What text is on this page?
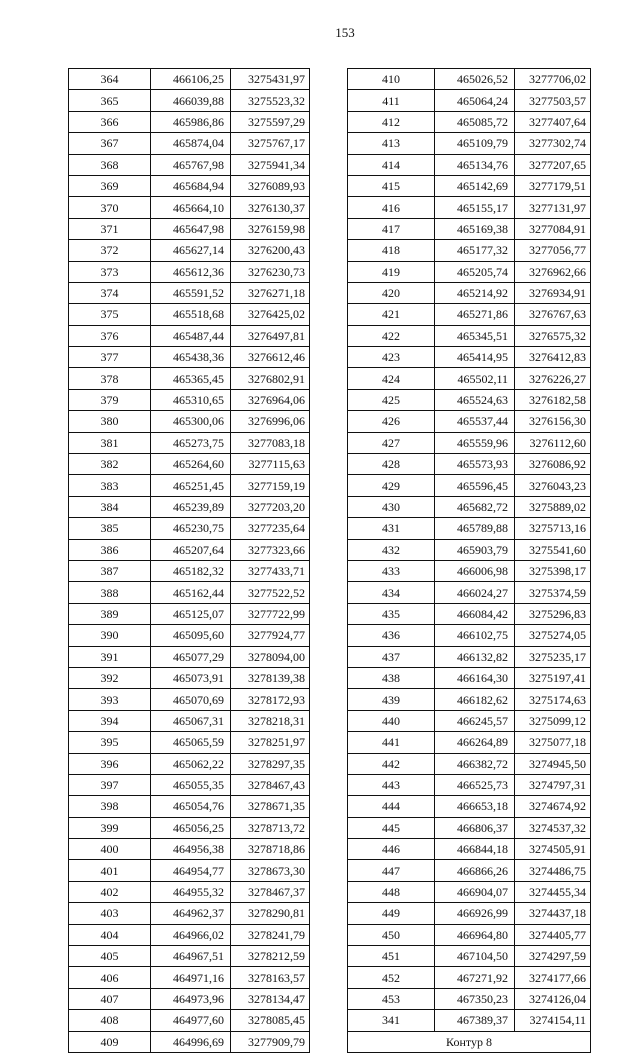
153
364	466106,25	3275431,97
365	466039,88	3275523,32
366	465986,86	3275597,29
367	465874,04	3275767,17
368	465767,98	3275941,34
369	465684,94	3276089,93
370	465664,10	3276130,37
371	465647,98	3276159,98
372	465627,14	3276200,43
373	465612,36	3276230,73
374	465591,52	3276271,18
375	465518,68	3276425,02
376	465487,44	3276497,81
377	465438,36	3276612,46
378	465365,45	3276802,91
379	465310,65	3276964,06
380	465300,06	3276996,06
381	465273,75	3277083,18
382	465264,60	3277115,63
383	465251,45	3277159,19
384	465239,89	3277203,20
385	465230,75	3277235,64
386	465207,64	3277323,66
387	465182,32	3277433,71
388	465162,44	3277522,52
389	465125,07	3277722,99
390	465095,60	3277924,77
391	465077,29	3278094,00
392	465073,91	3278139,38
393	465070,69	3278172,93
394	465067,31	3278218,31
395	465065,59	3278251,97
396	465062,22	3278297,35
397	465055,35	3278467,43
398	465054,76	3278671,35
399	465056,25	3278713,72
400	464956,38	3278718,86
401	464954,77	3278673,30
402	464955,32	3278467,37
403	464962,37	3278290,81
404	464966,02	3278241,79
405	464967,51	3278212,59
406	464971,16	3278163,57
407	464973,96	3278134,47
408	464977,60	3278085,45
409	464996,69	3277909,79
410	465026,52	3277706,02
411	465064,24	3277503,57
412	465085,72	3277407,64
413	465109,79	3277302,74
414	465134,76	3277207,65
415	465142,69	3277179,51
416	465155,17	3277131,97
417	465169,38	3277084,91
418	465177,32	3277056,77
419	465205,74	3276962,66
420	465214,92	3276934,91
421	465271,86	3276767,63
422	465345,51	3276575,32
423	465414,95	3276412,83
424	465502,11	3276226,27
425	465524,63	3276182,58
426	465537,44	3276156,30
427	465559,96	3276112,60
428	465573,93	3276086,92
429	465596,45	3276043,23
430	465682,72	3275889,02
431	465789,88	3275713,16
432	465903,79	3275541,60
433	466006,98	3275398,17
434	466024,27	3275374,59
435	466084,42	3275296,83
436	466102,75	3275274,05
437	466132,82	3275235,17
438	466164,30	3275197,41
439	466182,62	3275174,63
440	466245,57	3275099,12
441	466264,89	3275077,18
442	466382,72	3274945,50
443	466525,73	3274797,31
444	466653,18	3274674,92
445	466806,37	3274537,32
446	466844,18	3274505,91
447	466866,26	3274486,75
448	466904,07	3274455,34
449	466926,99	3274437,18
450	466964,80	3274405,77
451	467104,50	3274297,59
452	467271,92	3274177,66
453	467350,23	3274126,04
341	467389,37	3274154,11
Контур 8		
